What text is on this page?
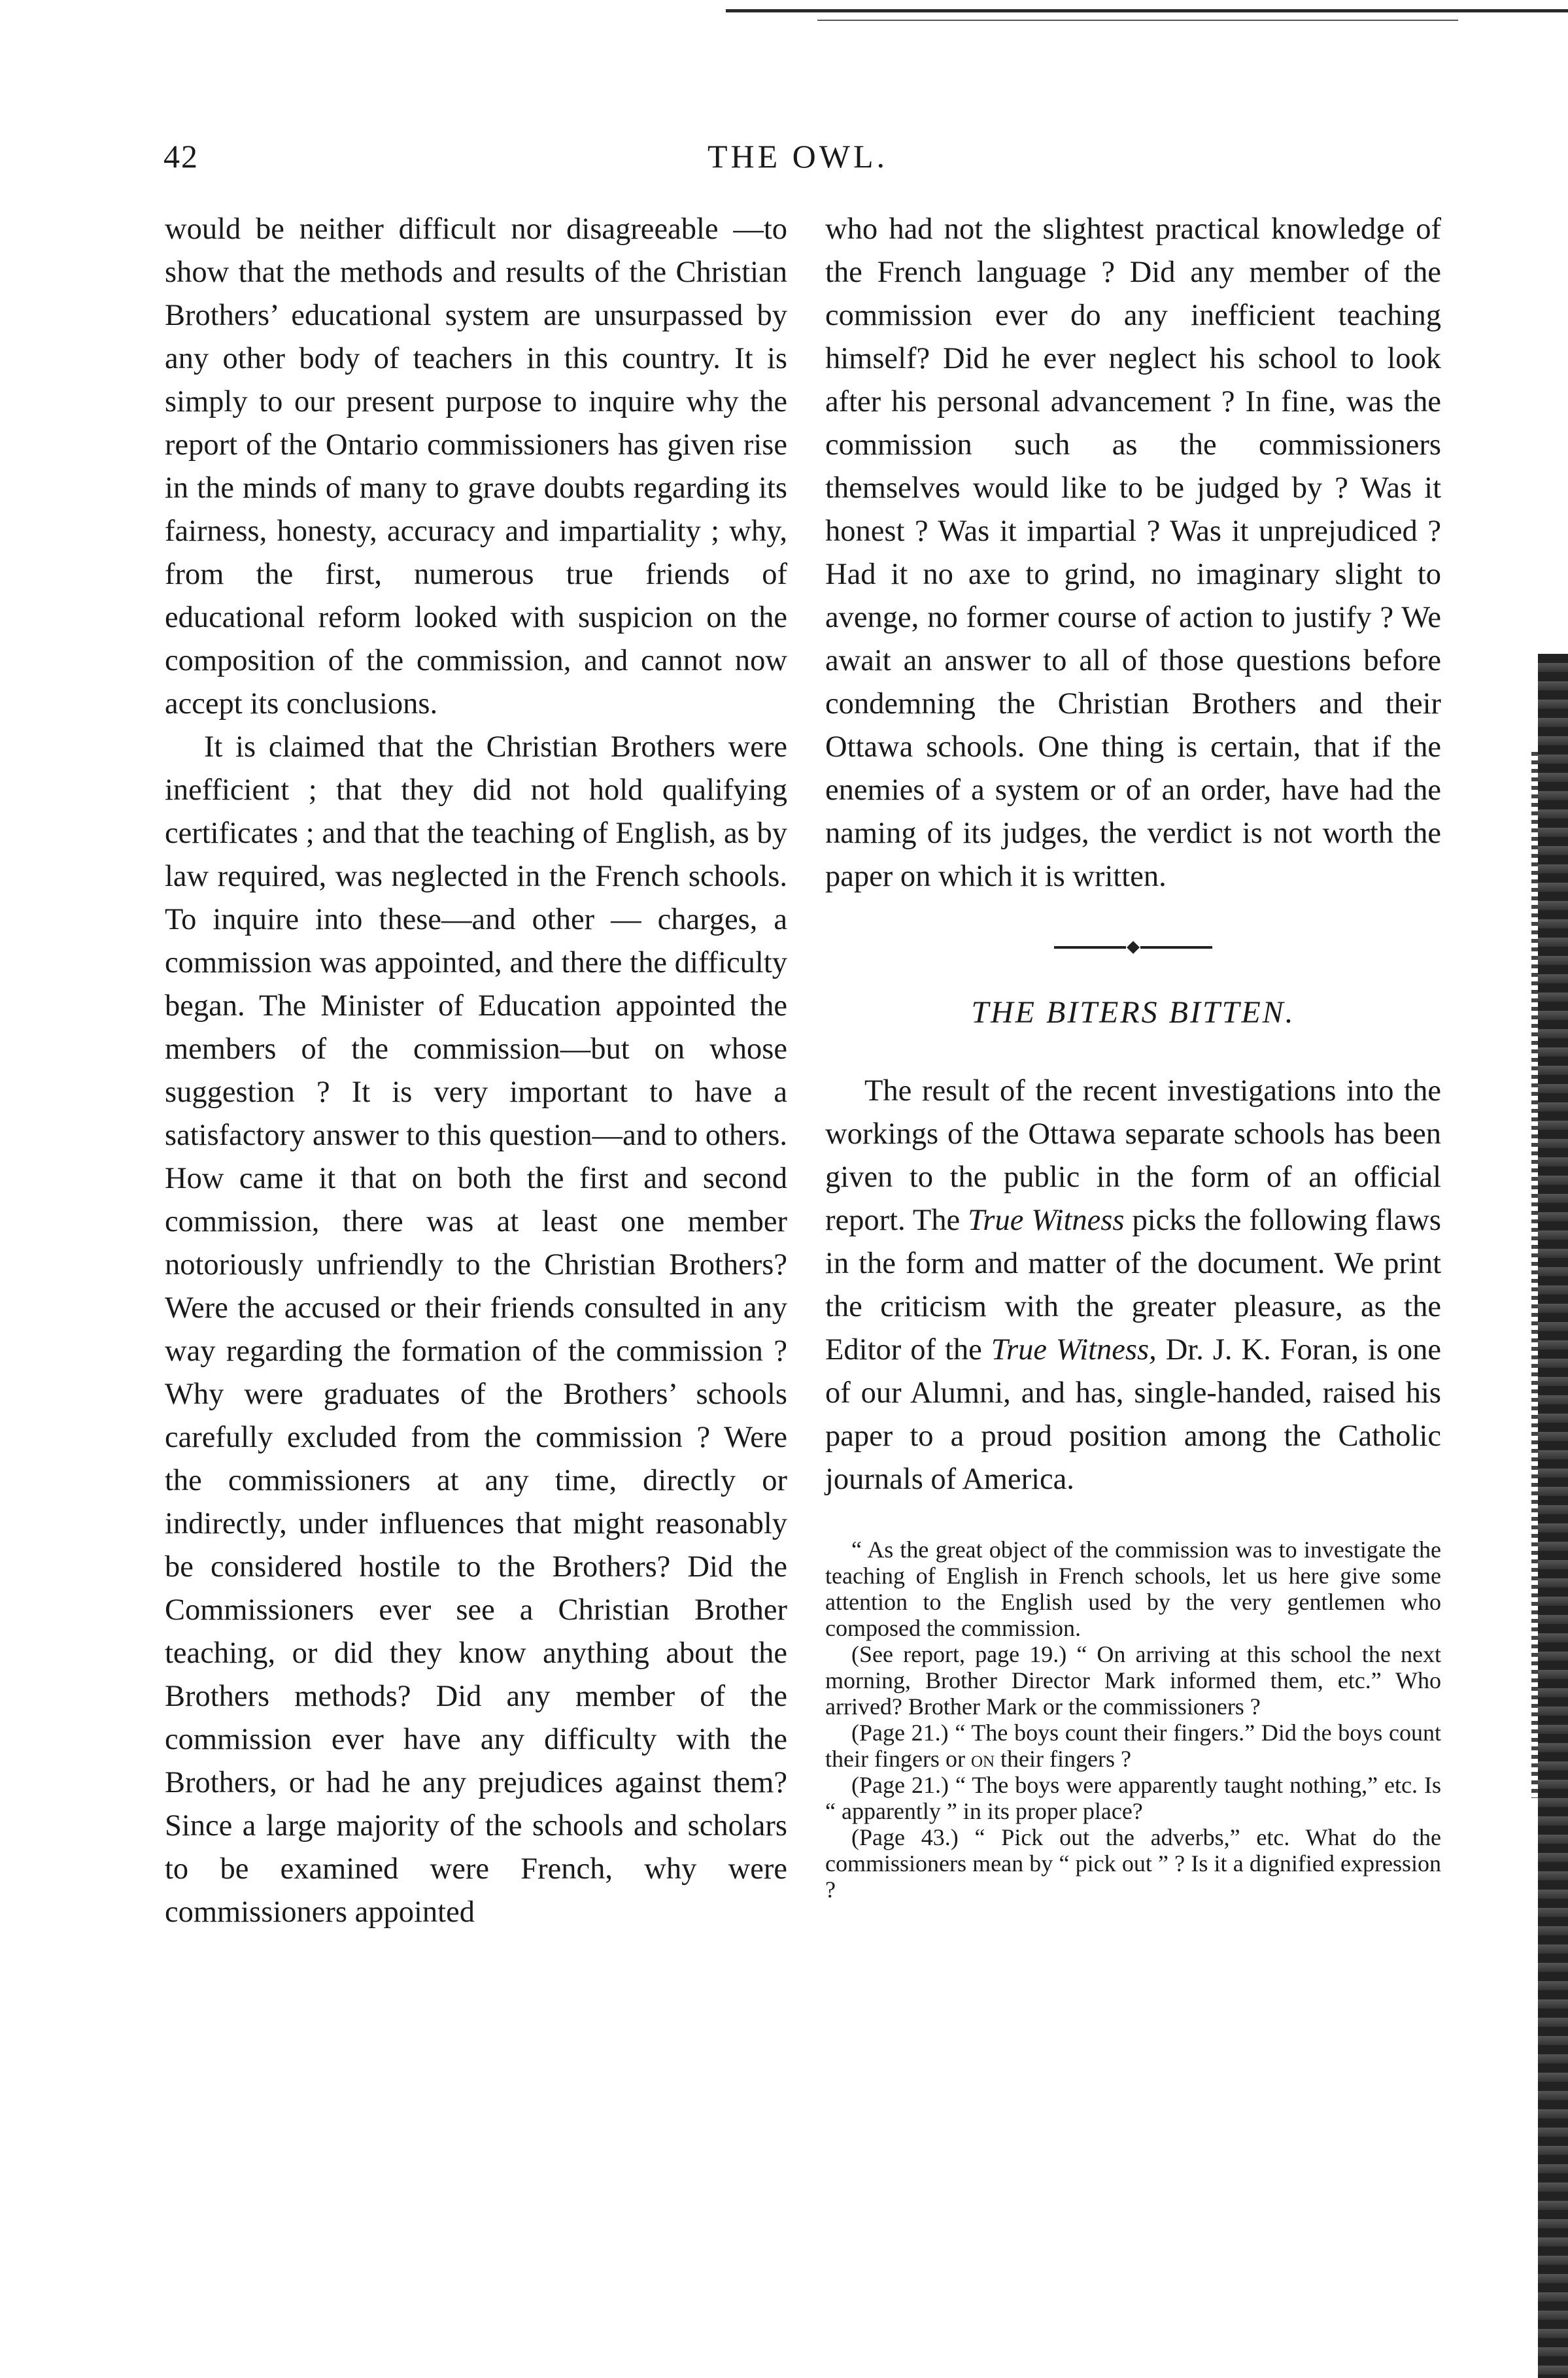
42	THE OWL.

would be neither difficult nor disagreeable —to show that the methods and results of the Christian Brothers’ educational system are unsurpassed by any other body of teachers in this country. It is simply to our present purpose to inquire why the report of the Ontario commissioners has given rise in the minds of many to grave doubts regarding its fairness, honesty, accuracy and impartiality ; why, from the first, numerous true friends of educational reform looked with suspicion on the composition of the commission, and cannot now accept its conclusions.

It is claimed that the Christian Brothers were inefficient ; that they did not hold qualifying certificates ; and that the teaching of English, as by law required, was neglected in the French schools. To inquire into these—and other — charges, a commission was appointed, and there the difficulty began. The Minister of Education appointed the members of the commission—but on whose suggestion ? It is very important to have a satisfactory answer to this question—and to others. How came it that on both the first and second commission, there was at least one member notoriously unfriendly to the Christian Brothers? Were the accused or their friends consulted in any way regarding the formation of the commission ? Why were graduates of the Brothers’ schools carefully excluded from the commission ? Were the commissioners at any time, directly or indirectly, under influences that might reasonably be considered hostile to the Brothers? Did the Commissioners ever see a Christian Brother teaching, or did they know anything about the Brothers methods? Did any member of the commission ever have any difficulty with the Brothers, or had he any prejudices against them? Since a large majority of the schools and scholars to be examined were French, why were commissioners appointed

who had not the slightest practical knowledge of the French language ? Did any member of the commission ever do any inefficient teaching himself? Did he ever neglect his school to look after his personal advancement ? In fine, was the commission such as the commissioners themselves would like to be judged by ? Was it honest ? Was it impartial ? Was it unprejudiced ? Had it no axe to grind, no imaginary slight to avenge, no former course of action to justify ? We await an answer to all of those questions before condemning the Christian Brothers and their Ottawa schools. One thing is certain, that if the enemies of a system or of an order, have had the naming of its judges, the verdict is not worth the paper on which it is written.

THE BITERS BITTEN.

The result of the recent investigations into the workings of the Ottawa separate schools has been given to the public in the form of an official report. The True Witness picks the following flaws in the form and matter of the document. We print the criticism with the greater pleasure, as the Editor of the True Witness, Dr. J. K. Foran, is one of our Alumni, and has, single-handed, raised his paper to a proud position among the Catholic journals of America.

“ As the great object of the commission was to investigate the teaching of English in French schools, let us here give some attention to the English used by the very gentlemen who composed the commission.

(See report, page 19.) “ On arriving at this school the next morning, Brother Director Mark informed them, etc.” Who arrived? Brother Mark or the commissioners ?

(Page 21.) “ The boys count their fingers.” Did the boys count their fingers or on their fingers ?

(Page 21.) “ The boys were apparently taught nothing,” etc. Is “ apparently ” in its proper place?

(Page 43.) “ Pick out the adverbs,” etc. What do the commissioners mean by “ pick out ” ? Is it a dignified expression ?
